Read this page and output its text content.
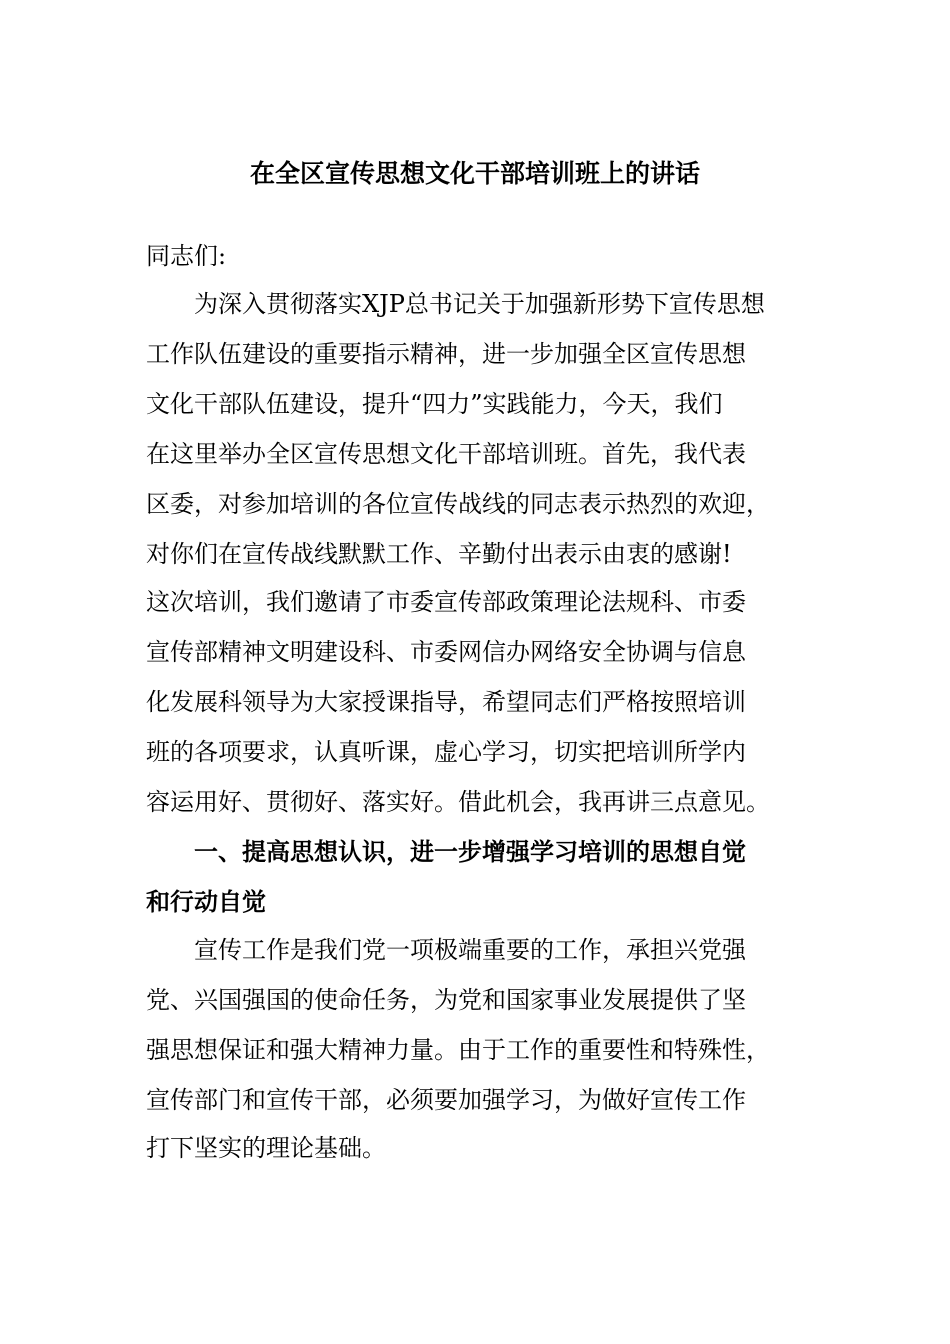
在全区宣传思想文化干部培训班上的讲话
同志们:
为深入贯彻落实XJP总书记关于加强新形势下宣传思想
工作队伍建设的重要指示精神，进一步加强全区宣传思想
文化干部队伍建设，提升“四力”实践能力，今天，我们
在这里举办全区宣传思想文化干部培训班。首先，我代表
区委，对参加培训的各位宣传战线的同志表示热烈的欢迎，
对你们在宣传战线默默工作、辛勤付出表示由衷的感谢!
这次培训，我们邀请了市委宣传部政策理论法规科、市委
宣传部精神文明建设科、市委网信办网络安全协调与信息
化发展科领导为大家授课指导，希望同志们严格按照培训
班的各项要求，认真听课，虚心学习，切实把培训所学内
容运用好、贯彻好、落实好。借此机会，我再讲三点意见。
一、提高思想认识，进一步增强学习培训的思想自觉
和行动自觉
宣传工作是我们党一项极端重要的工作，承担兴党强
党、兴国强国的使命任务，为党和国家事业发展提供了坚
强思想保证和强大精神力量。由于工作的重要性和特殊性，
宣传部门和宣传干部，必须要加强学习，为做好宣传工作
打下坚实的理论基础。
